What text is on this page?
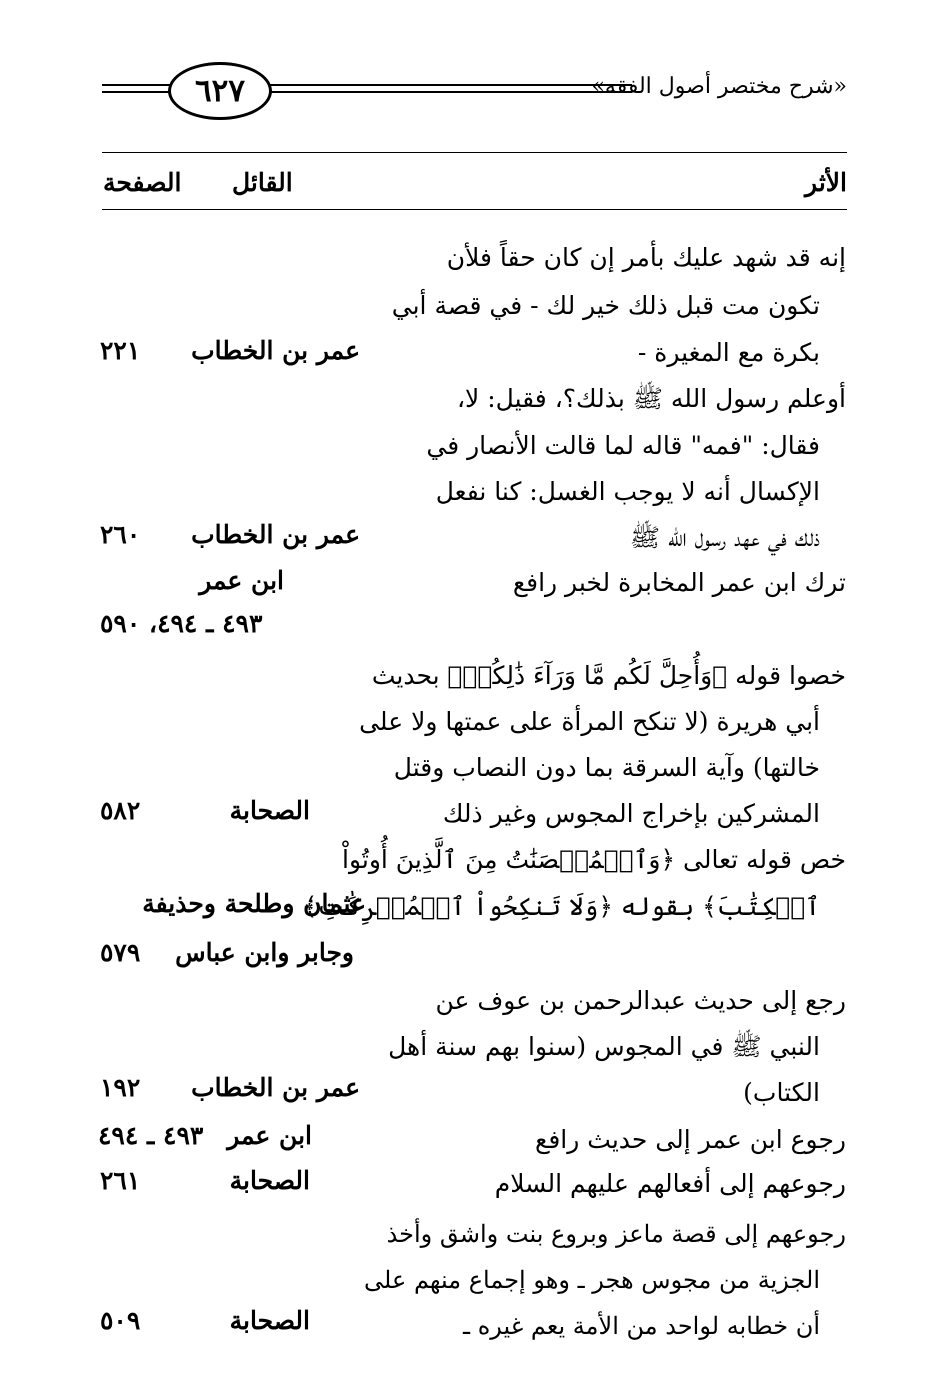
٦٢٧	«شرح مختصر أصول الفقه»
الأثر
القائل
الصفحة
إنه قد شهد عليك بأمر إن كان حقاً فلأن
تكون مت قبل ذلك خير لك - في قصة أبي
بكرة مع المغيرة -
عمر بن الخطاب
٢٢١
أوعلم رسول الله ﷺ بذلك؟، فقيل: لا،
فقال: "فمه" قاله لما قالت الأنصار في
الإكسال أنه لا يوجب الغسل: كنا نفعل
ذلك في عهد رسول الله ﷺ
عمر بن الخطاب
٢٦٠
ترك ابن عمر المخابرة لخبر رافع
ابن عمر
٤٩٣ ـ ٤٩٤، ٥٩٠
خصوا قوله ﴿وَأُحِلَّ لَكُم مَّا وَرَآءَ ذَٰلِكُمۡ﴾ بحديث
أبي هريرة (لا تنكح المرأة على عمتها ولا على
خالتها) وآية السرقة بما دون النصاب وقتل
المشركين بإخراج المجوس وغير ذلك
الصحابة
٥٨٢
خص قوله تعالى ﴿وَٱلۡمُحۡصَنَٰتُ مِنَ ٱلَّذِينَ أُوتُواْ
ٱلۡكِتَٰبَ﴾ بقوله ﴿وَلَا تَنكِحُواْ ٱلۡمُشۡرِكَٰتِ﴾
عثمان وطلحة وحذيفة
وجابر وابن عباس
٥٧٩
رجع إلى حديث عبدالرحمن بن عوف عن
النبي ﷺ في المجوس (سنوا بهم سنة أهل
الكتاب)
عمر بن الخطاب
١٩٢
رجوع ابن عمر إلى حديث رافع
ابن عمر
٤٩٣ ـ ٤٩٤
رجوعهم إلى أفعالهم عليهم السلام
الصحابة
٢٦١
رجوعهم إلى قصة ماعز وبروع بنت واشق وأخذ
الجزية من مجوس هجر ـ وهو إجماع منهم على
أن خطابه لواحد من الأمة يعم غيره ـ
الصحابة
٥٠٩
